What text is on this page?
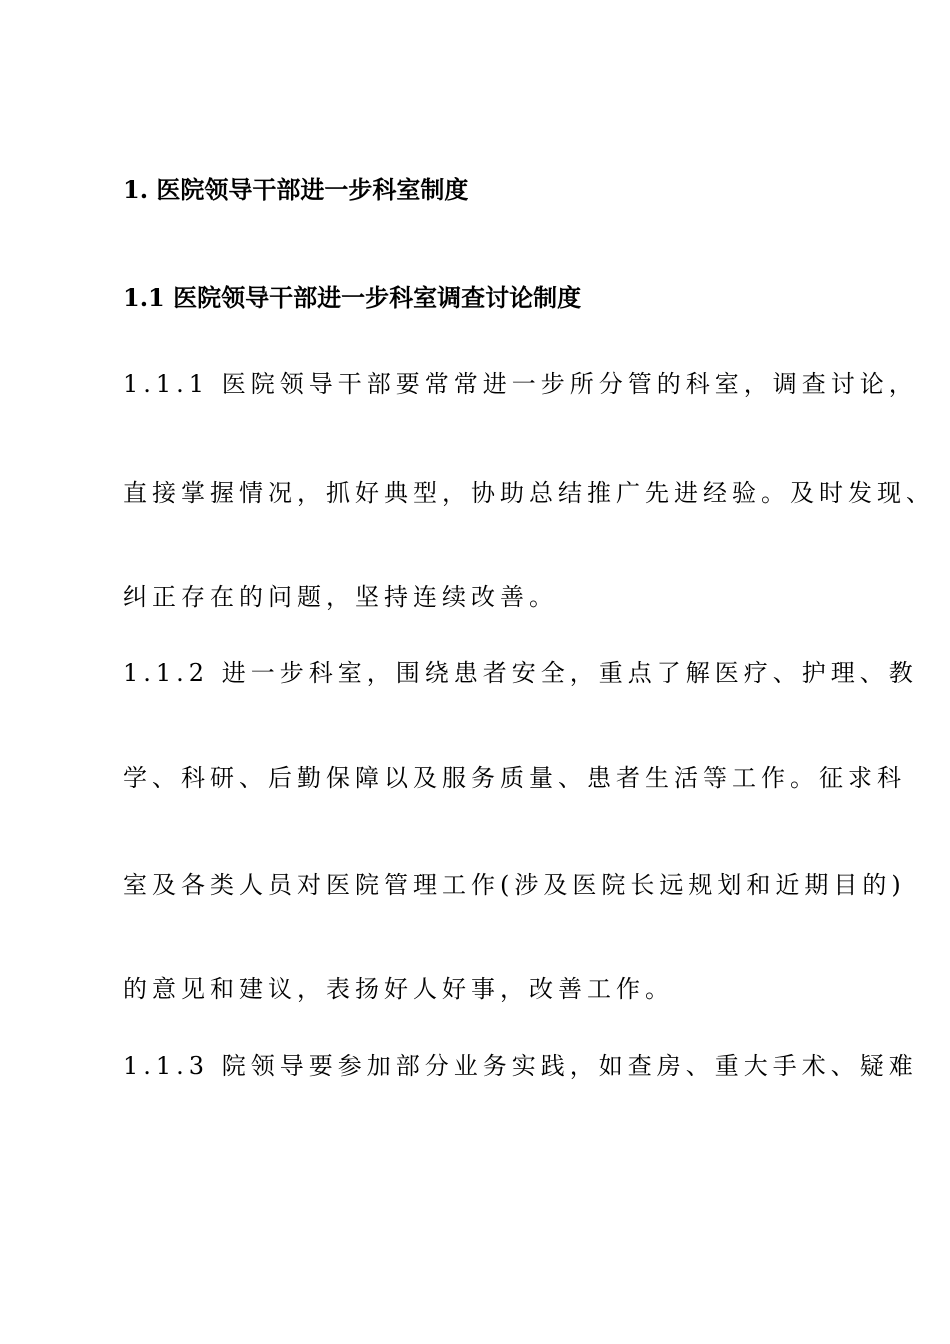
1. 医院领导干部进一步科室制度
1.1 医院领导干部进一步科室调查讨论制度
1.1.1 医院领导干部要常常进一步所分管的科室，调查讨论，
直接掌握情况，抓好典型，协助总结推广先进经验。及时发现、
纠正存在的问题，坚持连续改善。
1.1.2 进一步科室，围绕患者安全，重点了解医疗、护理、教
学、科研、后勤保障以及服务质量、患者生活等工作。征求科
室及各类人员对医院管理工作(涉及医院长远规划和近期目的)
的意见和建议，表扬好人好事，改善工作。
1.1.3 院领导要参加部分业务实践，如查房、重大手术、疑难
